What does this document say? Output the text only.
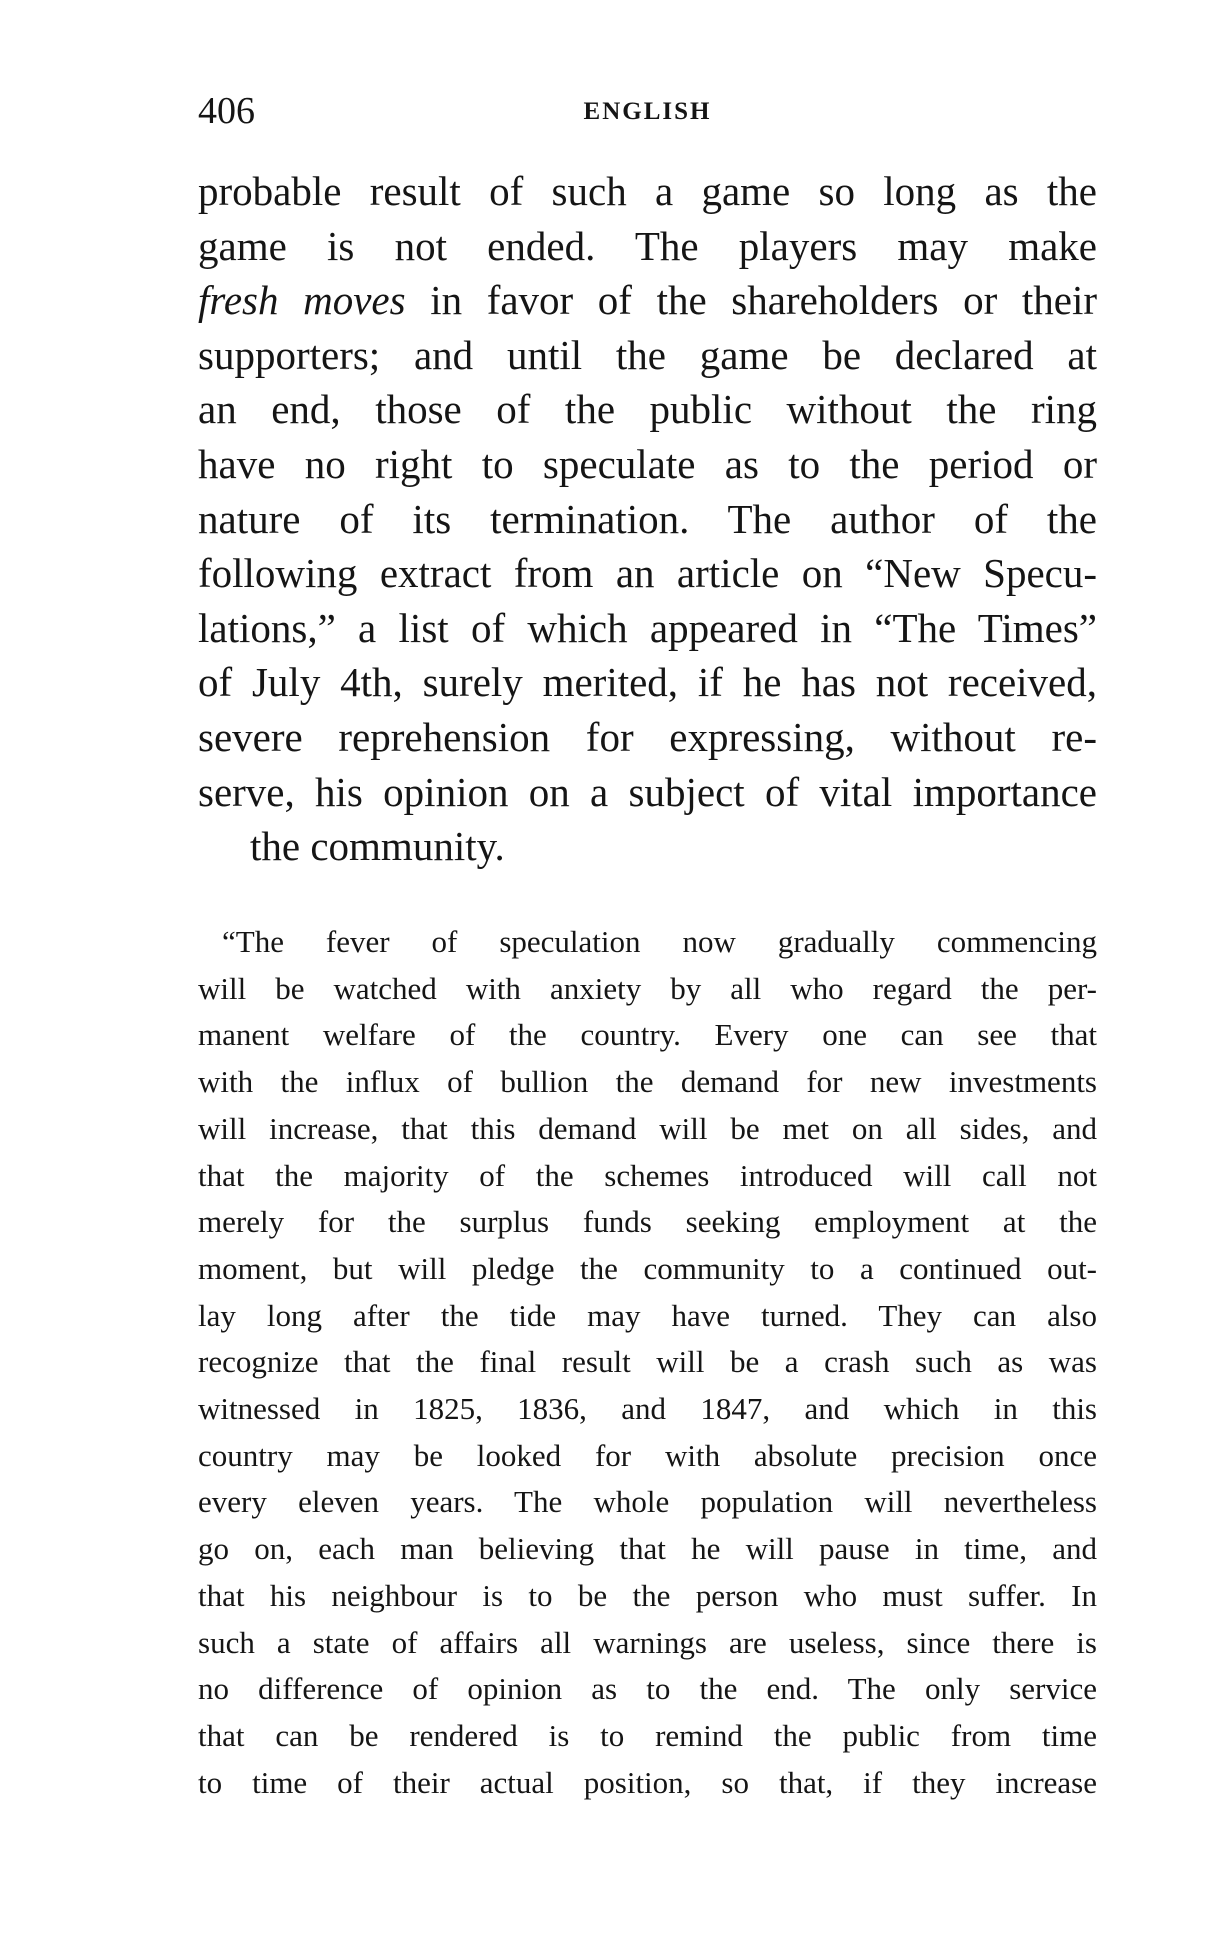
406	ENGLISH
probable result of such a game so long as the
game is not ended. The players may make
fresh moves in favor of the shareholders or their
supporters; and until the game be declared at
an end, those of the public without the ring
have no right to speculate as to the period or
nature of its termination. The author of the
following extract from an article on “New Specu-
lations,” a list of which appeared in “The Times”
of July 4th, surely merited, if he has not received,
severe reprehension for expressing, without re-
serve, his opinion on a subject of vital importance
the community.
“The fever of speculation now gradually commencing
will be watched with anxiety by all who regard the per-
manent welfare of the country. Every one can see that
with the influx of bullion the demand for new investments
will increase, that this demand will be met on all sides, and
that the majority of the schemes introduced will call not
merely for the surplus funds seeking employment at the
moment, but will pledge the community to a continued out-
lay long after the tide may have turned. They can also
recognize that the final result will be a crash such as was
witnessed in 1825, 1836, and 1847, and which in this
country may be looked for with absolute precision once
every eleven years. The whole population will nevertheless
go on, each man believing that he will pause in time, and
that his neighbour is to be the person who must suffer. In
such a state of affairs all warnings are useless, since there is
no difference of opinion as to the end. The only service
that can be rendered is to remind the public from time
to time of their actual position, so that, if they increase
